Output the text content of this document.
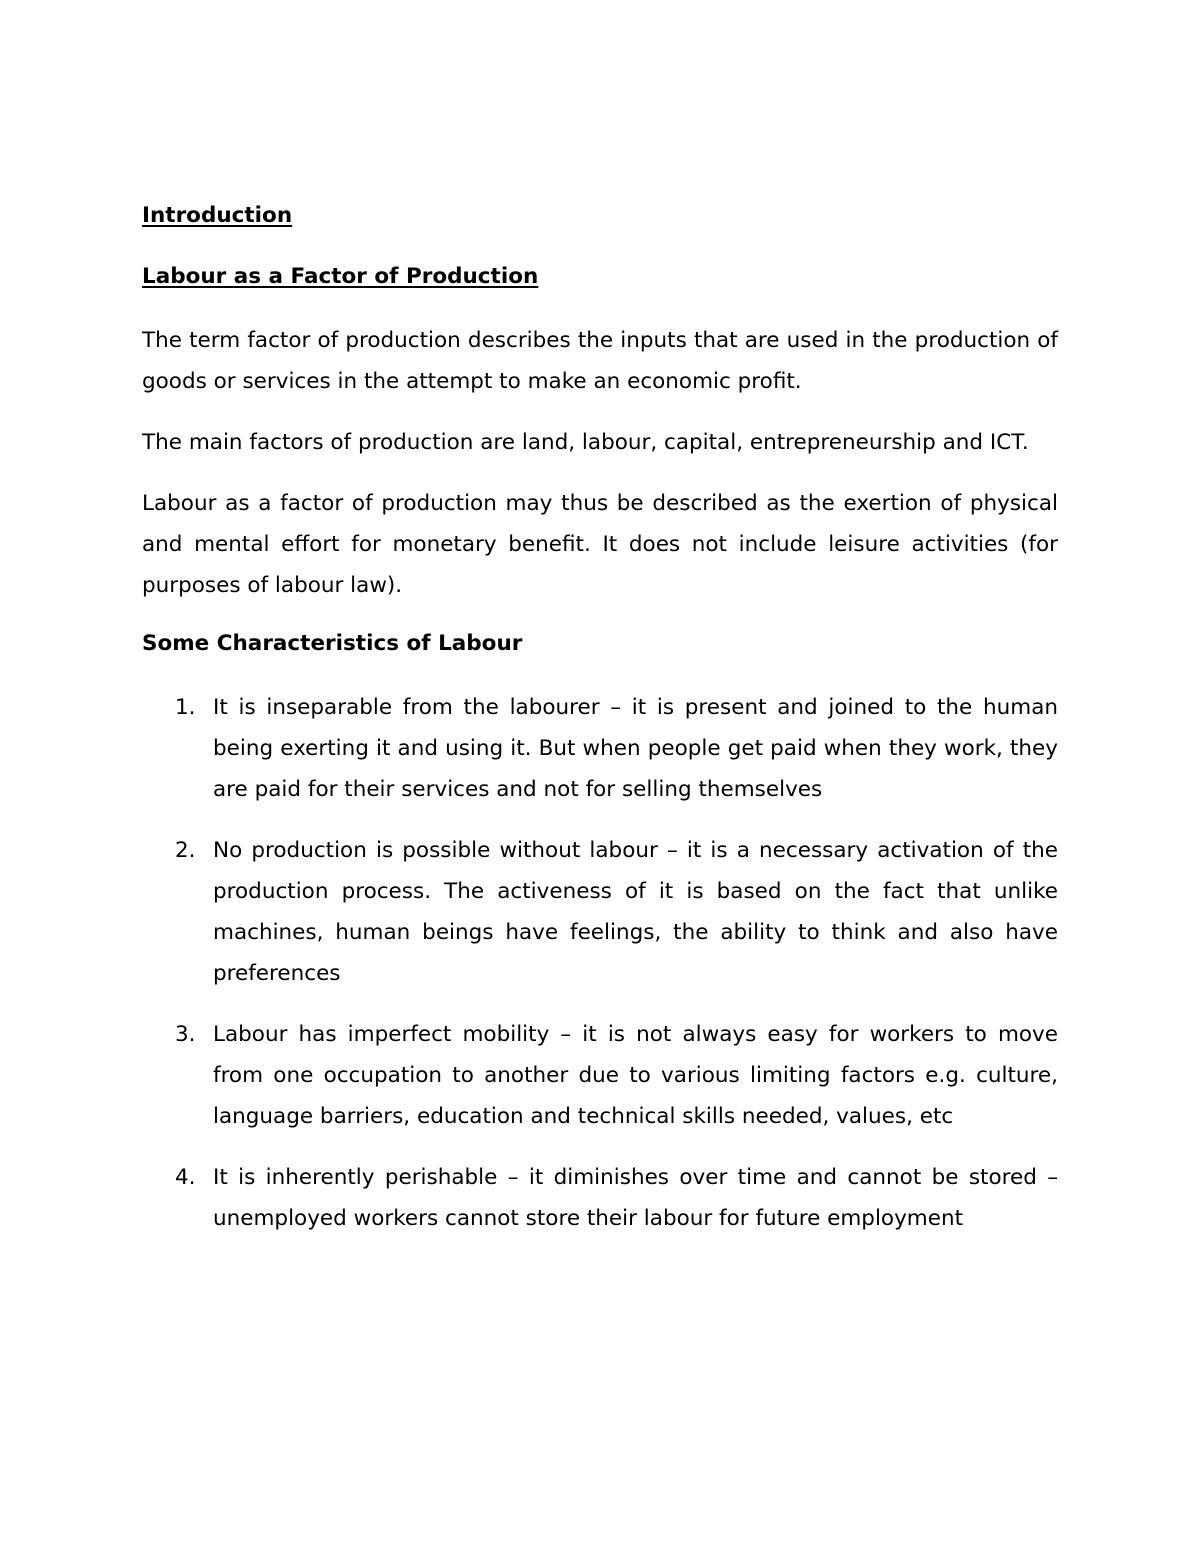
Introduction
Labour as a Factor of Production

The term factor of production describes the inputs that are used in the production of goods or services in the attempt to make an economic profit.

The main factors of production are land, labour, capital, entrepreneurship and ICT.

Labour as a factor of production may thus be described as the exertion of physical and mental effort for monetary benefit. It does not include leisure activities (for purposes of labour law).

Some Characteristics of Labour
1. It is inseparable from the labourer – it is present and joined to the human being exerting it and using it. But when people get paid when they work, they are paid for their services and not for selling themselves
2. No production is possible without labour – it is a necessary activation of the production process. The activeness of it is based on the fact that unlike machines, human beings have feelings, the ability to think and also have preferences
3. Labour has imperfect mobility – it is not always easy for workers to move from one occupation to another due to various limiting factors e.g. culture, language barriers, education and technical skills needed, values, etc
4. It is inherently perishable – it diminishes over time and cannot be stored – unemployed workers cannot store their labour for future employment
